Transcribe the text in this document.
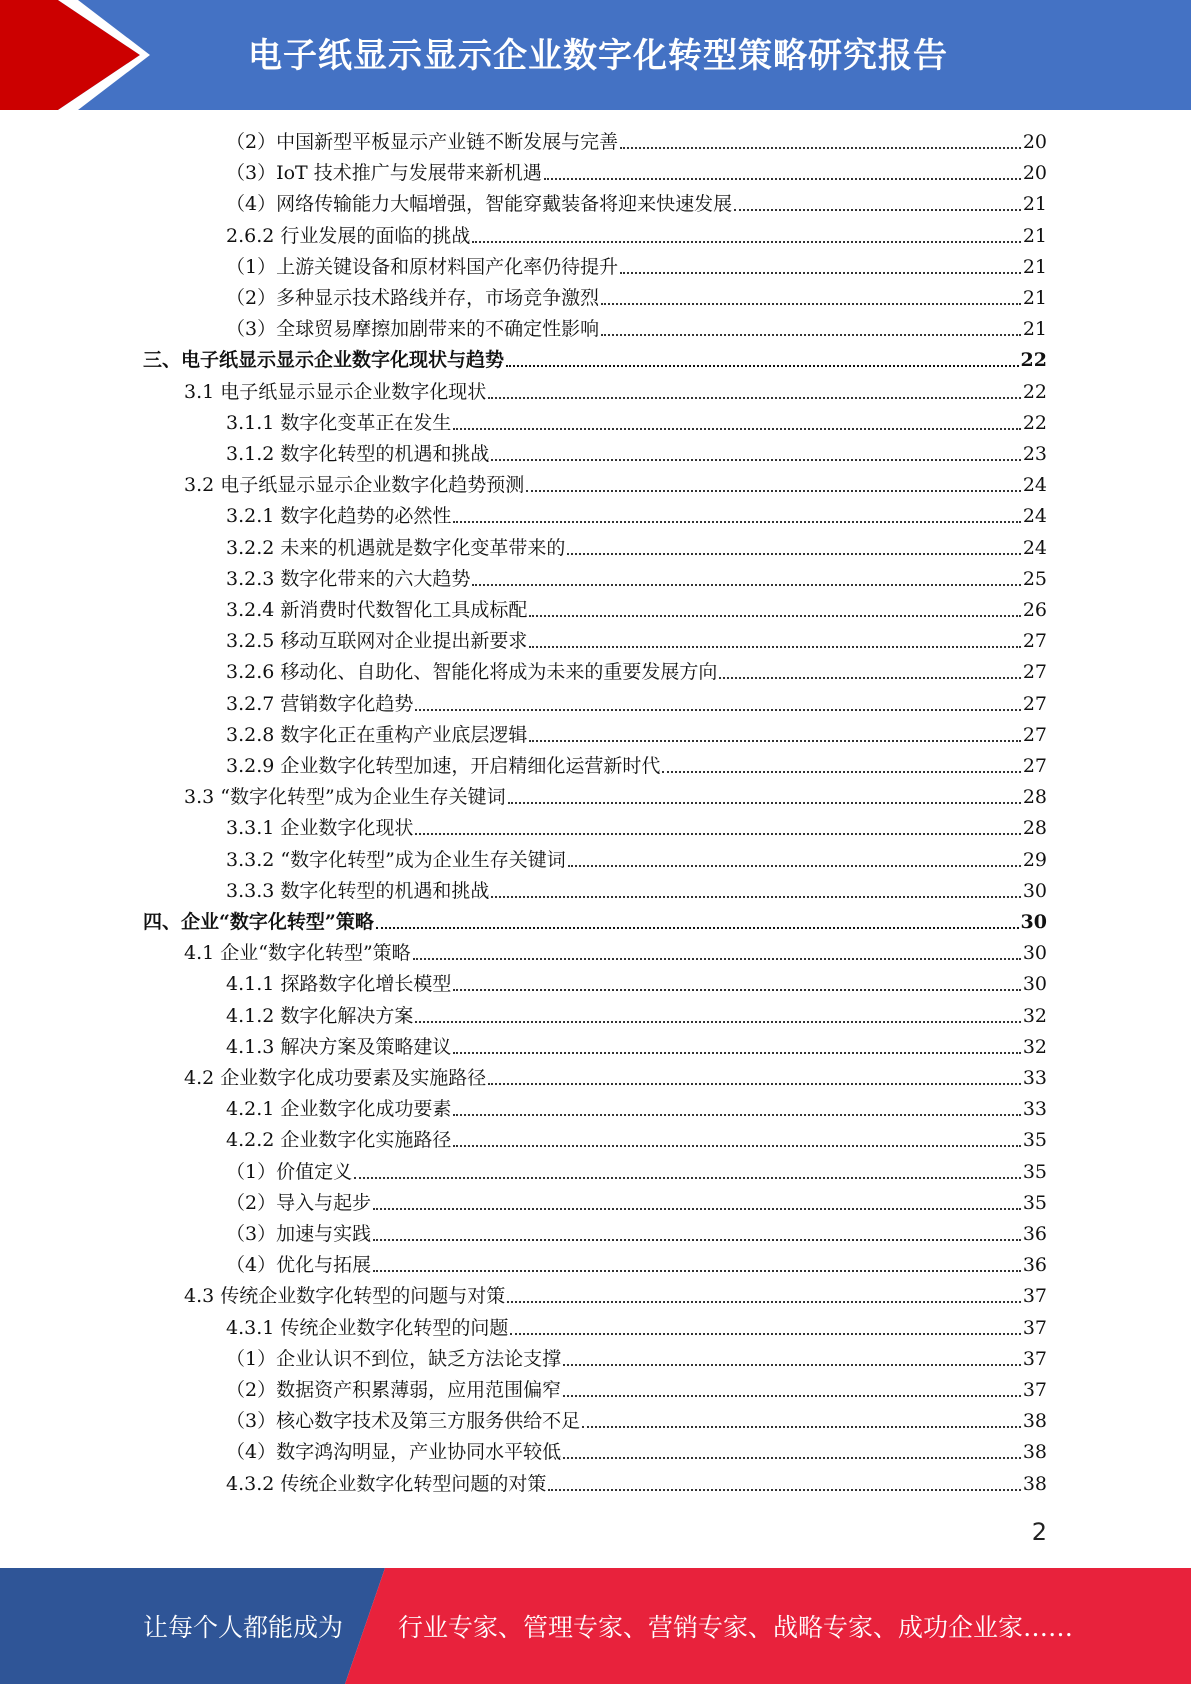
电子纸显示显示企业数字化转型策略研究报告
（2）中国新型平板显示产业链不断发展与完善	20
（3）IoT 技术推广与发展带来新机遇	20
（4）网络传输能力大幅增强，智能穿戴装备将迎来快速发展	21
2.6.2 行业发展的面临的挑战	21
（1）上游关键设备和原材料国产化率仍待提升	21
（2）多种显示技术路线并存，市场竞争激烈	21
（3）全球贸易摩擦加剧带来的不确定性影响	21
三、电子纸显示显示企业数字化现状与趋势	22
3.1 电子纸显示显示企业数字化现状	22
3.1.1 数字化变革正在发生	22
3.1.2 数字化转型的机遇和挑战	23
3.2 电子纸显示显示企业数字化趋势预测	24
3.2.1 数字化趋势的必然性	24
3.2.2 未来的机遇就是数字化变革带来的	24
3.2.3 数字化带来的六大趋势	25
3.2.4 新消费时代数智化工具成标配	26
3.2.5 移动互联网对企业提出新要求	27
3.2.6 移动化、自助化、智能化将成为未来的重要发展方向	27
3.2.7 营销数字化趋势	27
3.2.8 数字化正在重构产业底层逻辑	27
3.2.9 企业数字化转型加速，开启精细化运营新时代	27
3.3 “数字化转型”成为企业生存关键词	28
3.3.1 企业数字化现状	28
3.3.2 “数字化转型”成为企业生存关键词	29
3.3.3 数字化转型的机遇和挑战	30
四、企业“数字化转型”策略	30
4.1 企业“数字化转型”策略	30
4.1.1 探路数字化增长模型	30
4.1.2 数字化解决方案	32
4.1.3 解决方案及策略建议	32
4.2 企业数字化成功要素及实施路径	33
4.2.1 企业数字化成功要素	33
4.2.2 企业数字化实施路径	35
（1）价值定义	35
（2）导入与起步	35
（3）加速与实践	36
（4）优化与拓展	36
4.3 传统企业数字化转型的问题与对策	37
4.3.1 传统企业数字化转型的问题	37
（1）企业认识不到位，缺乏方法论支撑	37
（2）数据资产积累薄弱，应用范围偏窄	37
（3）核心数字技术及第三方服务供给不足	38
（4）数字鸿沟明显，产业协同水平较低	38
4.3.2 传统企业数字化转型问题的对策	38
2
让每个人都能成为 行业专家、管理专家、营销专家、战略专家、成功企业家……
